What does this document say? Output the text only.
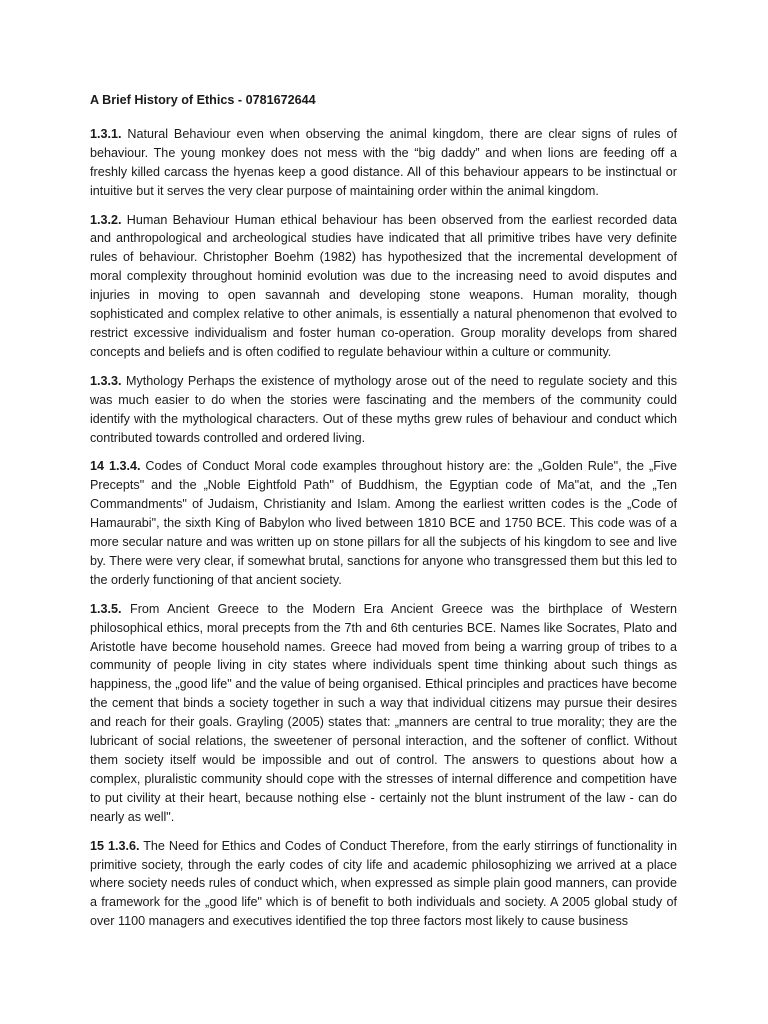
A Brief History of Ethics - 0781672644

1.3.1. Natural Behaviour even when observing the animal kingdom, there are clear signs of rules of behaviour. The young monkey does not mess with the “big daddy” and when lions are feeding off a freshly killed carcass the hyenas keep a good distance. All of this behaviour appears to be instinctual or intuitive but it serves the very clear purpose of maintaining order within the animal kingdom.

1.3.2. Human Behaviour Human ethical behaviour has been observed from the earliest recorded data and anthropological and archeological studies have indicated that all primitive tribes have very definite rules of behaviour. Christopher Boehm (1982) has hypothesized that the incremental development of moral complexity throughout hominid evolution was due to the increasing need to avoid disputes and injuries in moving to open savannah and developing stone weapons. Human morality, though sophisticated and complex relative to other animals, is essentially a natural phenomenon that evolved to restrict excessive individualism and foster human co-operation. Group morality develops from shared concepts and beliefs and is often codified to regulate behaviour within a culture or community.

1.3.3. Mythology Perhaps the existence of mythology arose out of the need to regulate society and this was much easier to do when the stories were fascinating and the members of the community could identify with the mythological characters. Out of these myths grew rules of behaviour and conduct which contributed towards controlled and ordered living.

14 1.3.4. Codes of Conduct Moral code examples throughout history are: the „Golden Rule", the „Five Precepts" and the „Noble Eightfold Path" of Buddhism, the Egyptian code of Ma"at, and the „Ten Commandments" of Judaism, Christianity and Islam. Among the earliest written codes is the „Code of Hamaurabi", the sixth King of Babylon who lived between 1810 BCE and 1750 BCE. This code was of a more secular nature and was written up on stone pillars for all the subjects of his kingdom to see and live by. There were very clear, if somewhat brutal, sanctions for anyone who transgressed them but this led to the orderly functioning of that ancient society.

1.3.5. From Ancient Greece to the Modern Era Ancient Greece was the birthplace of Western philosophical ethics, moral precepts from the 7th and 6th centuries BCE. Names like Socrates, Plato and Aristotle have become household names. Greece had moved from being a warring group of tribes to a community of people living in city states where individuals spent time thinking about such things as happiness, the „good life" and the value of being organised. Ethical principles and practices have become the cement that binds a society together in such a way that individual citizens may pursue their desires and reach for their goals. Grayling (2005) states that: „manners are central to true morality; they are the lubricant of social relations, the sweetener of personal interaction, and the softener of conflict. Without them society itself would be impossible and out of control. The answers to questions about how a complex, pluralistic community should cope with the stresses of internal difference and competition have to put civility at their heart, because nothing else - certainly not the blunt instrument of the law - can do nearly as well".

15 1.3.6. The Need for Ethics and Codes of Conduct Therefore, from the early stirrings of functionality in primitive society, through the early codes of city life and academic philosophizing we arrived at a place where society needs rules of conduct which, when expressed as simple plain good manners, can provide a framework for the „good life" which is of benefit to both individuals and society. A 2005 global study of over 1100 managers and executives identified the top three factors most likely to cause business
